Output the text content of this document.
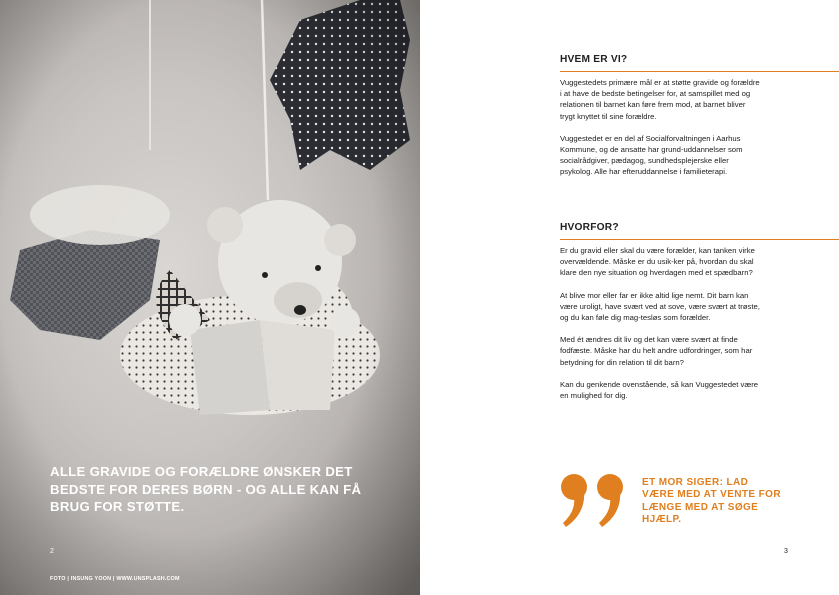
ALLE GRAVIDE OG FORÆLDRE ØNSKER DET BEDSTE FOR DERES BØRN - OG ALLE KAN FÅ BRUG FOR STØTTE.
2
FOTO | INSUNG YOON | WWW.UNSPLASH.COM
HVEM ER VI?

Vuggestedets primære mål er at støtte gravide og forældre i at have de bedste betingelser for, at samspillet med og relationen til barnet kan føre frem mod, at barnet bliver trygt knyttet til sine forældre.

Vuggestedet er en del af Socialforvaltningen i Aarhus Kommune, og de ansatte har grund-uddannelser som socialrådgiver, pædagog, sundhedsplejerske eller psykolog. Alle har efteruddannelse i familieterapi.

HVORFOR?

Er du gravid eller skal du være forælder, kan tanken virke overvældende. Måske er du usik-ker på, hvordan du skal klare den nye situation og hverdagen med et spædbarn?

At blive mor eller far er ikke altid lige nemt. Dit barn kan være uroligt, have svært ved at sove, være svært at trøste, og du kan føle dig mag-tesløs som forælder.

Med ét ændres dit liv og det kan være svært at finde fodfæste. Måske har du helt andre udfordringer, som har betydning for din relation til dit barn?

Kan du genkende ovenstående, så kan Vuggestedet være en mulighed for dig.

ET MOR SIGER: LAD VÆRE MED AT VENTE FOR LÆNGE MED AT SØGE HJÆLP.
3
